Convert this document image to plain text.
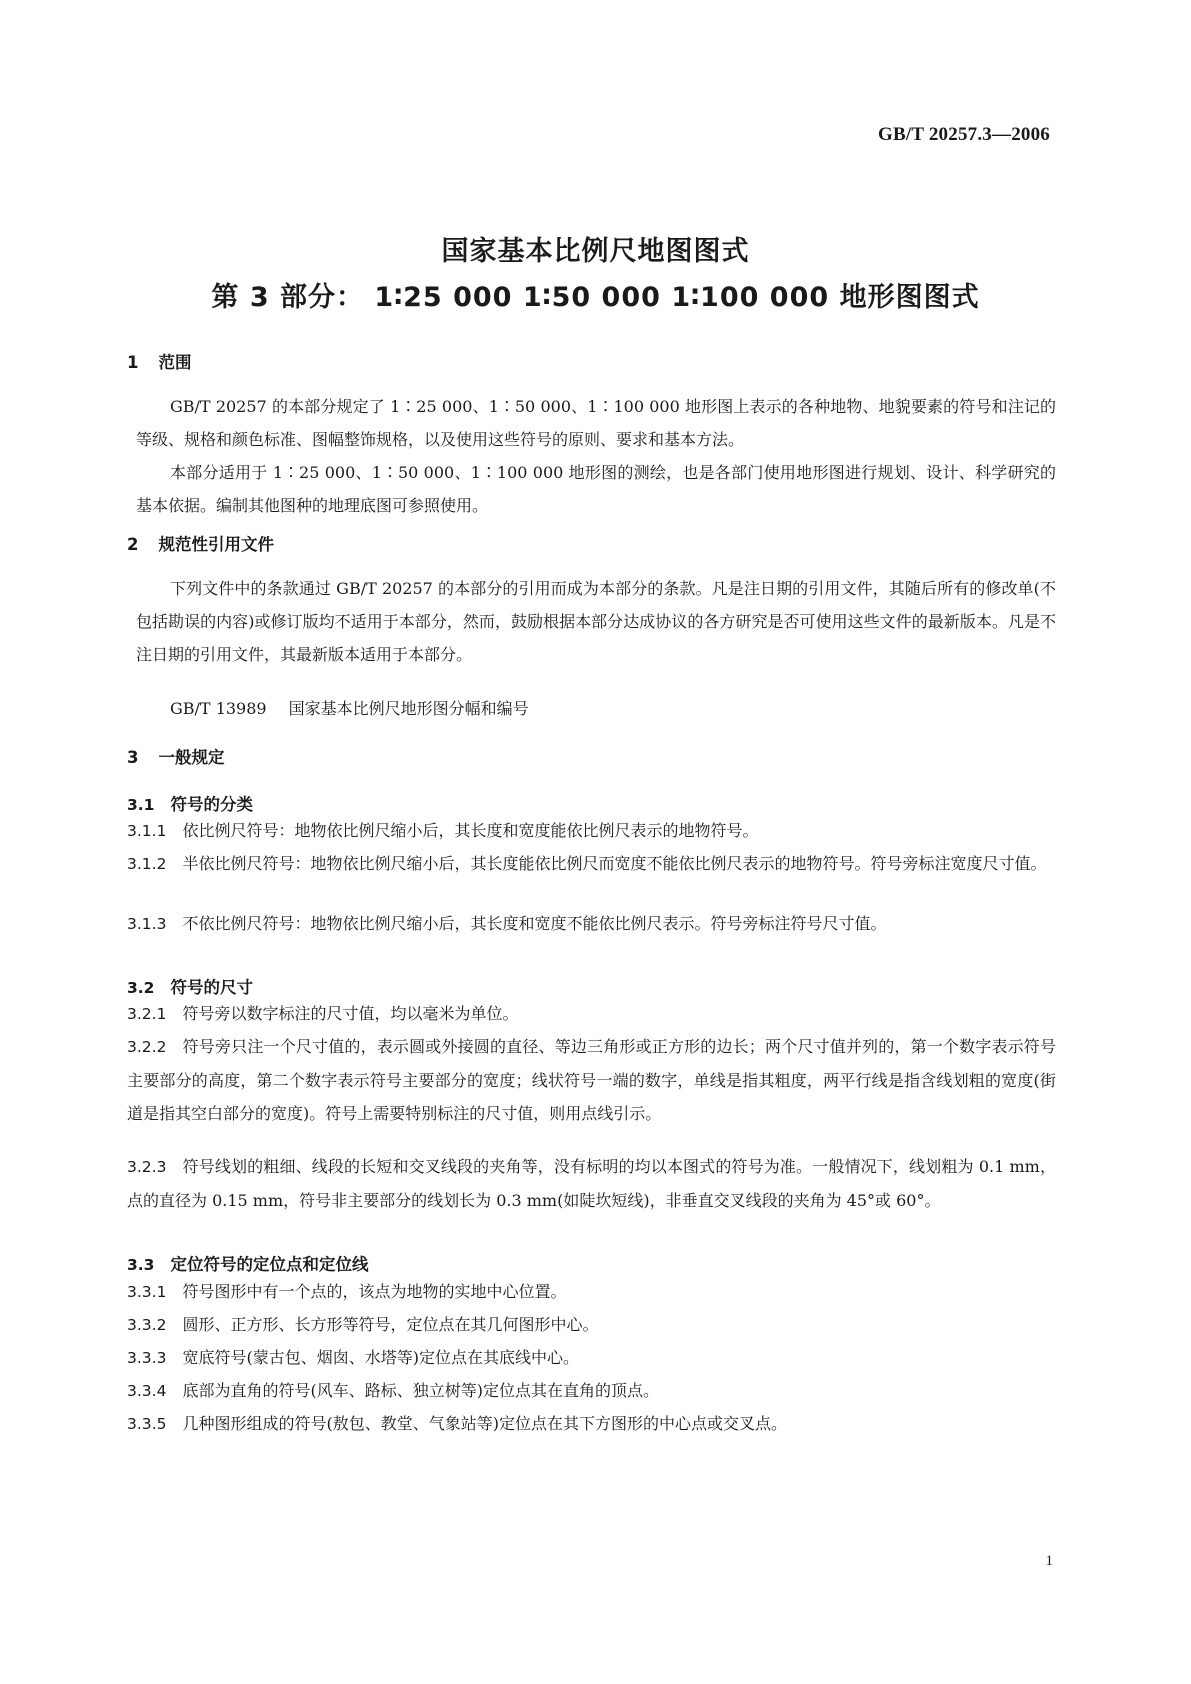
GB/T 20257.3—2006
国家基本比例尺地图图式
第 3 部分： 1∶25 000 1∶50 000 1∶100 000 地形图图式
1 范围
GB/T 20257 的本部分规定了 1∶25 000、1∶50 000、1∶100 000 地形图上表示的各种地物、地貌要素的符号和注记的等级、规格和颜色标准、图幅整饰规格，以及使用这些符号的原则、要求和基本方法。
本部分适用于 1∶25 000、1∶50 000、1∶100 000 地形图的测绘，也是各部门使用地形图进行规划、设计、科学研究的基本依据。编制其他图种的地理底图可参照使用。
2 规范性引用文件
下列文件中的条款通过 GB/T 20257 的本部分的引用而成为本部分的条款。凡是注日期的引用文件，其随后所有的修改单(不包括勘误的内容)或修订版均不适用于本部分，然而，鼓励根据本部分达成协议的各方研究是否可使用这些文件的最新版本。凡是不注日期的引用文件，其最新版本适用于本部分。
GB/T 13989 国家基本比例尺地形图分幅和编号
3 一般规定
3.1 符号的分类
3.1.1 依比例尺符号：地物依比例尺缩小后，其长度和宽度能依比例尺表示的地物符号。
3.1.2 半依比例尺符号：地物依比例尺缩小后，其长度能依比例尺而宽度不能依比例尺表示的地物符号。符号旁标注宽度尺寸值。
3.1.3 不依比例尺符号：地物依比例尺缩小后，其长度和宽度不能依比例尺表示。符号旁标注符号尺寸值。
3.2 符号的尺寸
3.2.1 符号旁以数字标注的尺寸值，均以毫米为单位。
3.2.2 符号旁只注一个尺寸值的，表示圆或外接圆的直径、等边三角形或正方形的边长；两个尺寸值并列的，第一个数字表示符号主要部分的高度，第二个数字表示符号主要部分的宽度；线状符号一端的数字，单线是指其粗度，两平行线是指含线划粗的宽度(街道是指其空白部分的宽度)。符号上需要特别标注的尺寸值，则用点线引示。
3.2.3 符号线划的粗细、线段的长短和交叉线段的夹角等，没有标明的均以本图式的符号为准。一般情况下，线划粗为 0.1 mm，点的直径为 0.15 mm，符号非主要部分的线划长为 0.3 mm(如陡坎短线)，非垂直交叉线段的夹角为 45°或 60°。
3.3 定位符号的定位点和定位线
3.3.1 符号图形中有一个点的，该点为地物的实地中心位置。
3.3.2 圆形、正方形、长方形等符号，定位点在其几何图形中心。
3.3.3 宽底符号(蒙古包、烟囱、水塔等)定位点在其底线中心。
3.3.4 底部为直角的符号(风车、路标、独立树等)定位点其在直角的顶点。
3.3.5 几种图形组成的符号(敖包、教堂、气象站等)定位点在其下方图形的中心点或交叉点。
1
